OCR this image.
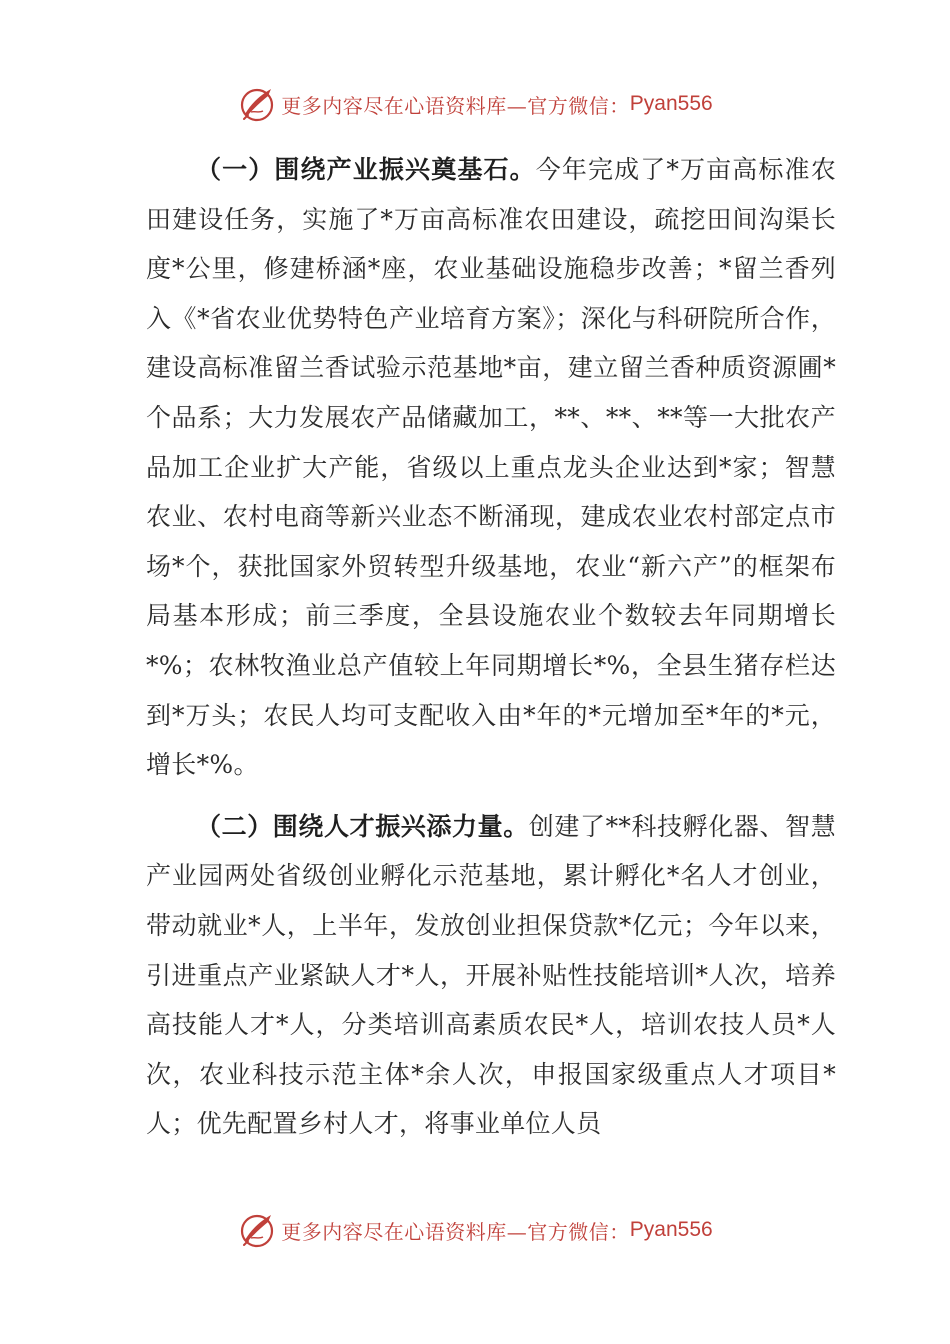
更多内容尽在心语资料库—官方微信： Pyan556

（一）围绕产业振兴奠基石。今年完成了*万亩高标准农田建设任务，实施了*万亩高标准农田建设，疏挖田间沟渠长度*公里，修建桥涵*座，农业基础设施稳步改善；*留兰香列入《*省农业优势特色产业培育方案》；深化与科研院所合作，建设高标准留兰香试验示范基地*亩，建立留兰香种质资源圃*个品系；大力发展农产品储藏加工，**、**、**等一大批农产品加工企业扩大产能，省级以上重点龙头企业达到*家；智慧农业、农村电商等新兴业态不断涌现，建成农业农村部定点市场*个，获批国家外贸转型升级基地，农业“新六产”的框架布局基本形成；前三季度，全县设施农业个数较去年同期增长*%；农林牧渔业总产值较上年同期增长*%，全县生猪存栏达到*万头；农民人均可支配收入由*年的*元增加至*年的*元，增长*%。

（二）围绕人才振兴添力量。创建了**科技孵化器、智慧产业园两处省级创业孵化示范基地，累计孵化*名人才创业，带动就业*人，上半年，发放创业担保贷款*亿元；今年以来，引进重点产业紧缺人才*人，开展补贴性技能培训*人次，培养高技能人才*人，分类培训高素质农民*人，培训农技人员*人次，农业科技示范主体*余人次，申报国家级重点人才项目*人；优先配置乡村人才，将事业单位人员

更多内容尽在心语资料库—官方微信： Pyan556
